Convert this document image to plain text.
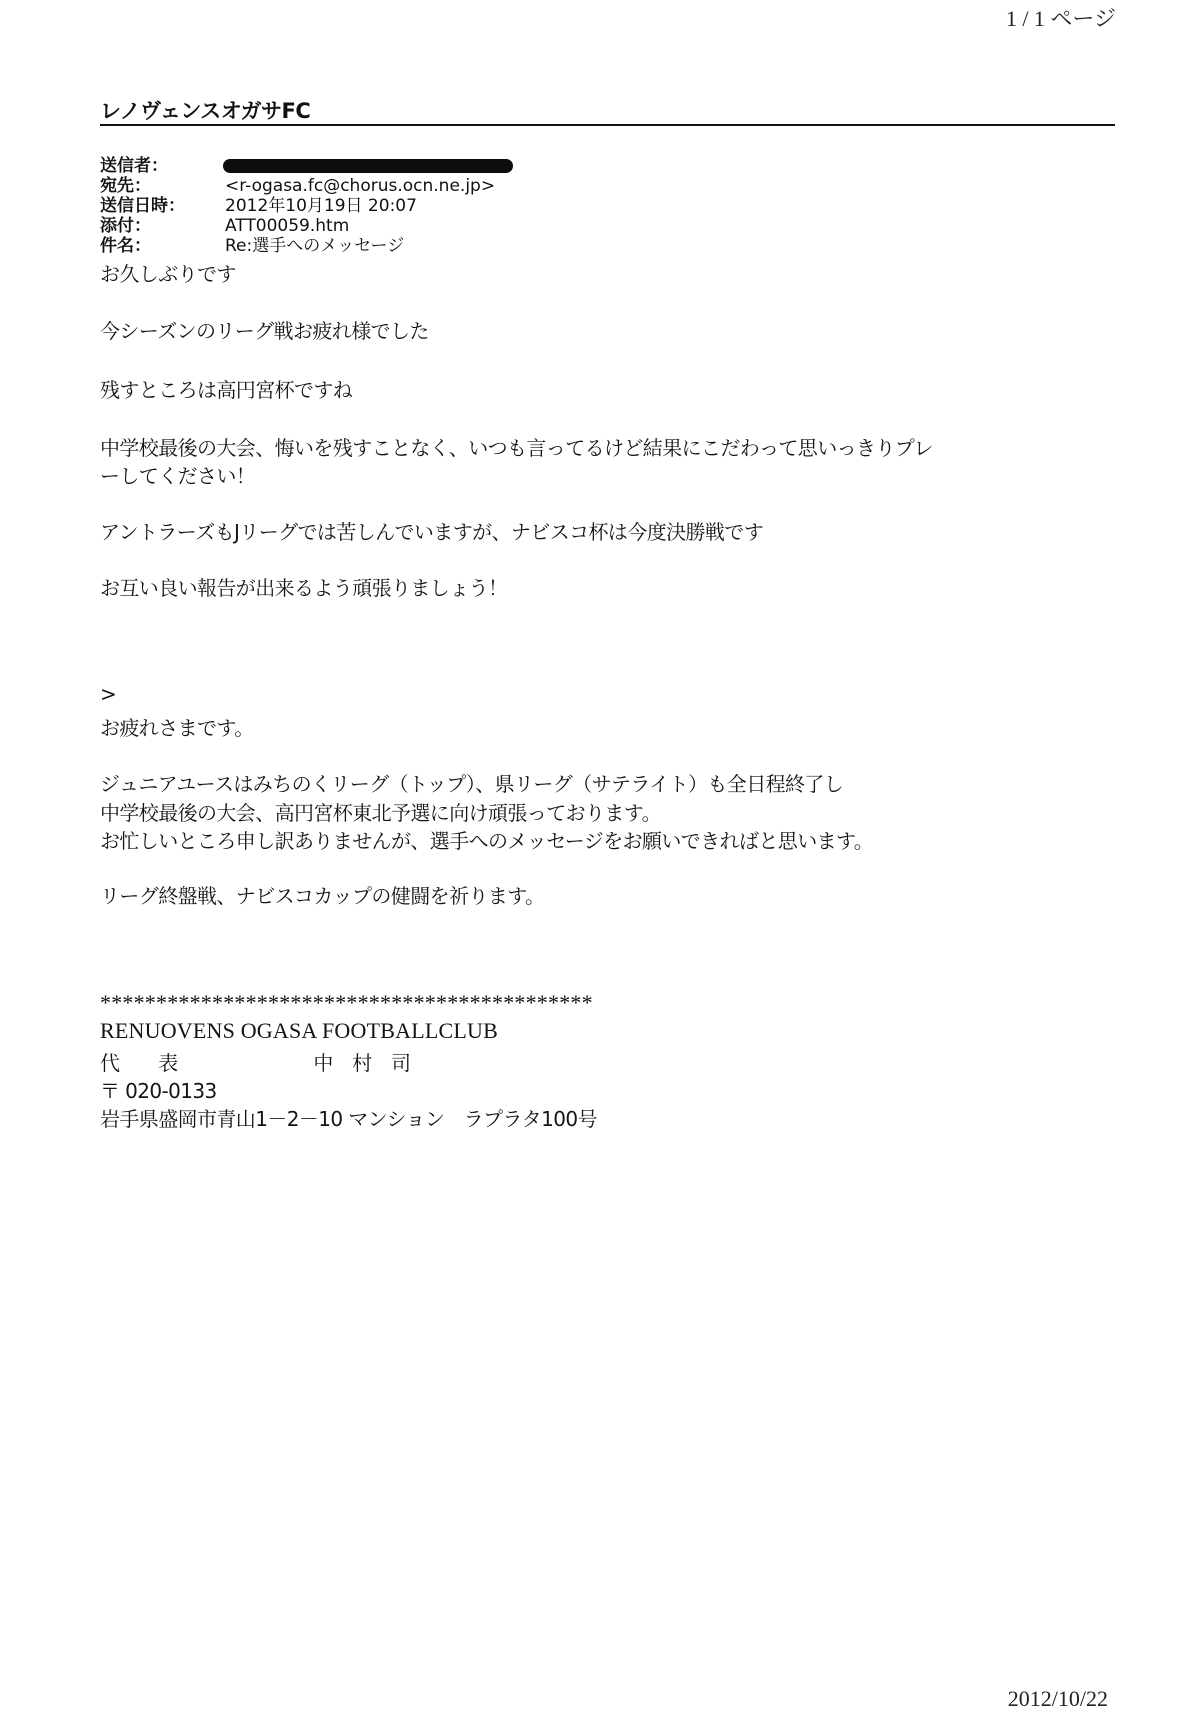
1 / 1 ページ
レノヴェンスオガサFC
送信者：
宛先：	<r-ogasa.fc@chorus.ocn.ne.jp>
送信日時：	2012年10月19日 20:07
添付：	ATT00059.htm
件名：	Re:選手へのメッセージ
お久しぶりです
今シーズンのリーグ戦お疲れ様でした
残すところは高円宮杯ですね
中学校最後の大会、悔いを残すことなく、いつも言ってるけど結果にこだわって思いっきりプレ
ーしてください！
アントラーズもJリーグでは苦しんでいますが、ナビスコ杯は今度決勝戦です
お互い良い報告が出来るよう頑張りましょう！
>
お疲れさまです。
ジュニアユースはみちのくリーグ（トップ）、県リーグ（サテライト）も全日程終了し
中学校最後の大会、高円宮杯東北予選に向け頑張っております。
お忙しいところ申し訳ありませんが、選手へのメッセージをお願いできればと思います。
リーグ終盤戦、ナビスコカップの健闘を祈ります。
********************************************
RENUOVENS OGASA FOOTBALLCLUB
代　　表　　　　　　　中　村　司
〒 020-0133
岩手県盛岡市青山1－2－10 マンション　ラプラタ100号
2012/10/22
